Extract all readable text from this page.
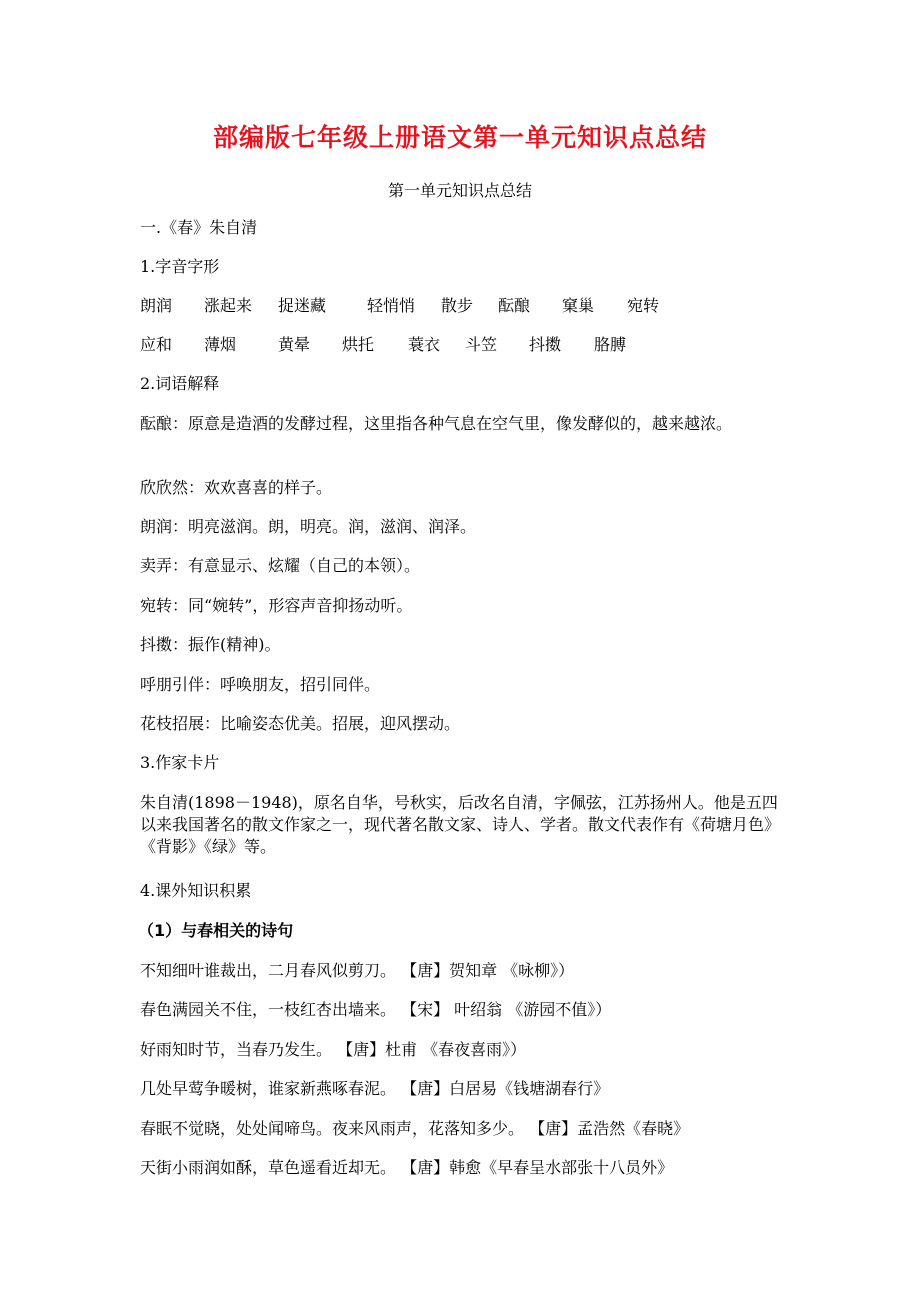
部编版七年级上册语文第一单元知识点总结
第一单元知识点总结
一.《春》朱自清
1.字音字形
朗润 涨起来 捉迷藏	轻悄悄 散步 酝酿 窠巢 宛转
应和 薄烟	黄晕 烘托 蓑衣 斗笠 抖擞 胳膊
2.词语解释
酝酿：原意是造酒的发酵过程，这里指各种气息在空气里，像发酵似的，越来越浓。
欣欣然：欢欢喜喜的样子。
朗润：明亮滋润。朗，明亮。润，滋润、润泽。
卖弄：有意显示、炫耀（自己的本领）。
宛转：同“婉转”，形容声音抑扬动听。
抖擞：振作(精神)。
呼朋引伴：呼唤朋友，招引同伴。
花枝招展：比喻姿态优美。招展，迎风摆动。
3.作家卡片
朱自清(1898－1948)，原名自华，号秋实，后改名自清，字佩弦，江苏扬州人。他是五四以来我国著名的散文作家之一，现代著名散文家、诗人、学者。散文代表作有《荷塘月色》《背影》《绿》等。
4.课外知识积累
（1）与春相关的诗句
不知细叶谁裁出，二月春风似剪刀。 【唐】贺知章 《咏柳》）
春色满园关不住，一枝红杏出墙来。 【宋】 叶绍翁 《游园不值》）
好雨知时节，当春乃发生。 【唐】杜甫 《春夜喜雨》）
几处早莺争暖树，谁家新燕啄春泥。 【唐】白居易《钱塘湖春行》
春眠不觉晓，处处闻啼鸟。夜来风雨声，花落知多少。 【唐】孟浩然《春晓》
天街小雨润如酥，草色遥看近却无。 【唐】韩愈《早春呈水部张十八员外》
